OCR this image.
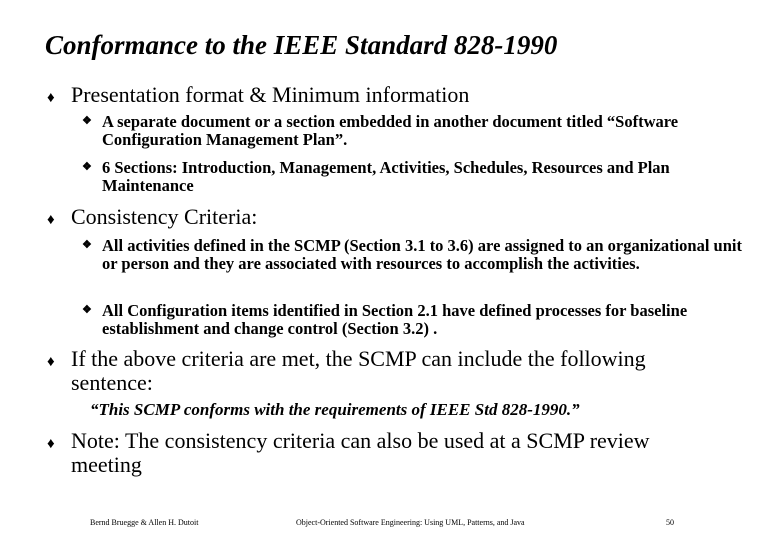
Conformance to the IEEE Standard 828-1990
♦ Presentation format & Minimum information
❖ A separate document or a section embedded in another document titled “Software Configuration Management Plan”.
❖ 6 Sections: Introduction, Management, Activities, Schedules, Resources and Plan Maintenance
♦ Consistency Criteria:
❖ All activities defined in the SCMP (Section 3.1 to 3.6) are assigned to an organizational unit or person and they are associated with resources to accomplish the activities.
❖ All Configuration items identified in Section 2.1 have defined processes for baseline establishment and change control (Section 3.2) .
♦ If the above criteria are met, the SCMP can include the following
sentence:
“This SCMP conforms with the requirements of IEEE Std 828-1990.”
♦ Note: The consistency criteria can also be used at a SCMP review
meeting
Bernd Bruegge & Allen H. Dutoit	Object-Oriented Software Engineering: Using UML, Patterns, and Java	50
